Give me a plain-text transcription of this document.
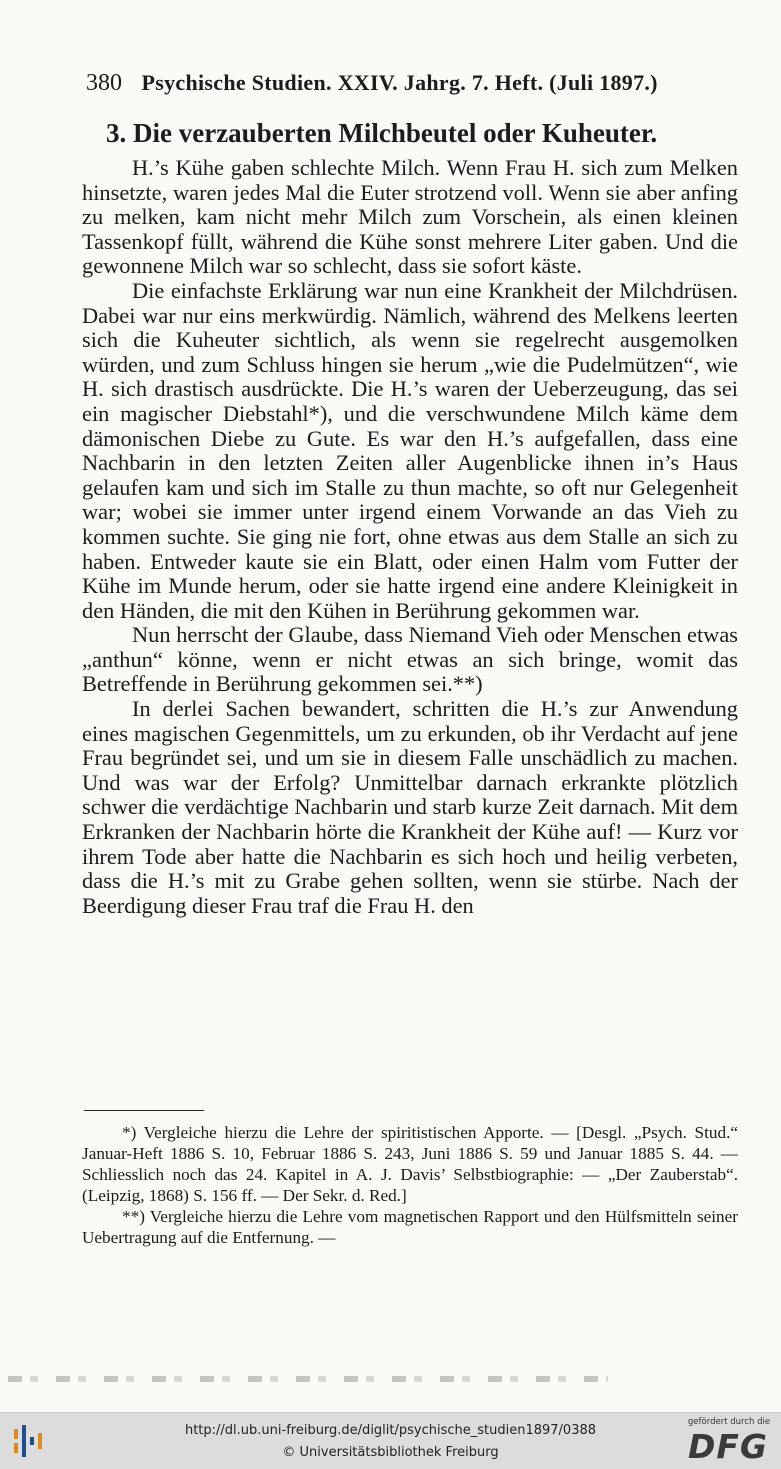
380 Psychische Studien. XXIV. Jahrg. 7. Heft. (Juli 1897.)
3. Die verzauberten Milchbeutel oder Kuheuter.

H.’s Kühe gaben schlechte Milch. Wenn Frau H. sich zum Melken hinsetzte, waren jedes Mal die Euter strotzend voll. Wenn sie aber anfing zu melken, kam nicht mehr Milch zum Vorschein, als einen kleinen Tassenkopf füllt, während die Kühe sonst mehrere Liter gaben. Und die gewonnene Milch war so schlecht, dass sie sofort käste.

Die einfachste Erklärung war nun eine Krankheit der Milchdrüsen. Dabei war nur eins merkwürdig. Nämlich, während des Melkens leerten sich die Kuheuter sichtlich, als wenn sie regelrecht ausgemolken würden, und zum Schluss hingen sie herum „wie die Pudelmützen“, wie H. sich drastisch ausdrückte. Die H.’s waren der Ueberzeugung, das sei ein magischer Diebstahl*), und die verschwundene Milch käme dem dämonischen Diebe zu Gute. Es war den H.’s aufgefallen, dass eine Nachbarin in den letzten Zeiten aller Augenblicke ihnen in’s Haus gelaufen kam und sich im Stalle zu thun machte, so oft nur Gelegenheit war; wobei sie immer unter irgend einem Vorwande an das Vieh zu kommen suchte. Sie ging nie fort, ohne etwas aus dem Stalle an sich zu haben. Entweder kaute sie ein Blatt, oder einen Halm vom Futter der Kühe im Munde herum, oder sie hatte irgend eine andere Kleinigkeit in den Händen, die mit den Kühen in Berührung gekommen war.

Nun herrscht der Glaube, dass Niemand Vieh oder Menschen etwas „anthun“ könne, wenn er nicht etwas an sich bringe, womit das Betreffende in Berührung gekommen sei.**)

In derlei Sachen bewandert, schritten die H.’s zur Anwendung eines magischen Gegenmittels, um zu erkunden, ob ihr Verdacht auf jene Frau begründet sei, und um sie in diesem Falle unschädlich zu machen. Und was war der Erfolg? Unmittelbar darnach erkrankte plötzlich schwer die verdächtige Nachbarin und starb kurze Zeit darnach. Mit dem Erkranken der Nachbarin hörte die Krankheit der Kühe auf! — Kurz vor ihrem Tode aber hatte die Nachbarin es sich hoch und heilig verbeten, dass die H.’s mit zu Grabe gehen sollten, wenn sie stürbe. Nach der Beerdigung dieser Frau traf die Frau H. den

*) Vergleiche hierzu die Lehre der spiritistischen Apporte. — [Desgl. „Psych. Stud.“ Januar-Heft 1886 S. 10, Februar 1886 S. 243, Juni 1886 S. 59 und Januar 1885 S. 44. — Schliesslich noch das 24. Kapitel in A. J. Davis’ Selbstbiographie: — „Der Zauberstab“. (Leipzig, 1868) S. 156 ff. — Der Sekr. d. Red.]

**) Vergleiche hierzu die Lehre vom magnetischen Rapport und den Hülfsmitteln seiner Uebertragung auf die Entfernung. —

http://dl.ub.uni-freiburg.de/diglit/psychische_studien1897/0388
© Universitätsbibliothek Freiburg
gefördert durch die
DFG
